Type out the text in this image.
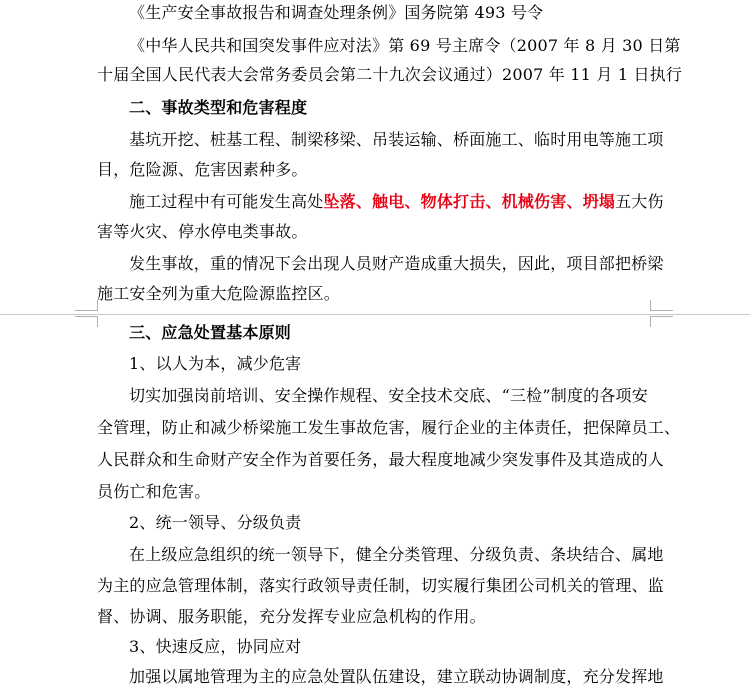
《生产安全事故报告和调查处理条例》国务院第 493 号令
《中华人民共和国突发事件应对法》第 69 号主席令（2007 年 8 月 30 日第
十届全国人民代表大会常务委员会第二十九次会议通过）2007 年 11 月 1 日执行
二、事故类型和危害程度
基坑开挖、桩基工程、制梁移梁、吊装运输、桥面施工、临时用电等施工项
目，危险源、危害因素种多。
施工过程中有可能发生高处坠落、触电、物体打击、机械伤害、坍塌五大伤
害等火灾、停水停电类事故。
发生事故，重的情况下会出现人员财产造成重大损失，因此，项目部把桥梁
施工安全列为重大危险源监控区。
三、应急处置基本原则
1、以人为本，减少危害
切实加强岗前培训、安全操作规程、安全技术交底、“三检”制度的各项安
全管理，防止和减少桥梁施工发生事故危害，履行企业的主体责任，把保障员工、
人民群众和生命财产安全作为首要任务，最大程度地减少突发事件及其造成的人
员伤亡和危害。
2、统一领导、分级负责
在上级应急组织的统一领导下，健全分类管理、分级负责、条块结合、属地
为主的应急管理体制，落实行政领导责任制，切实履行集团公司机关的管理、监
督、协调、服务职能，充分发挥专业应急机构的作用。
3、快速反应，协同应对
加强以属地管理为主的应急处置队伍建设，建立联动协调制度，充分发挥地
